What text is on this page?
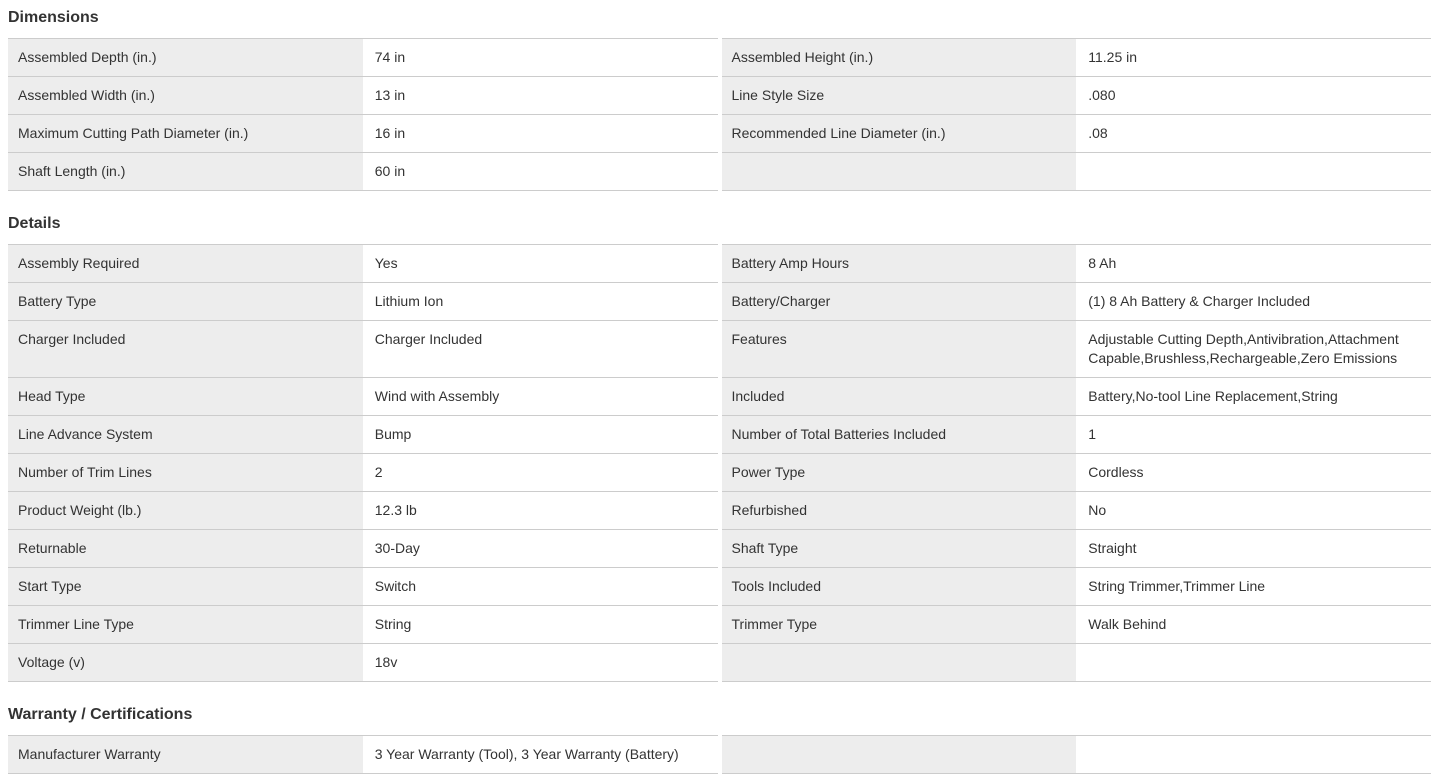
Dimensions
Assembled Depth (in.)	74 in	Assembled Height (in.)	11.25 in
Assembled Width (in.)	13 in	Line Style Size	.080
Maximum Cutting Path Diameter (in.)	16 in	Recommended Line Diameter (in.)	.08
Shaft Length (in.)	60 in
Details
Assembly Required	Yes	Battery Amp Hours	8 Ah
Battery Type	Lithium Ion	Battery/Charger	(1) 8 Ah Battery & Charger Included
Charger Included	Charger Included	Features	Adjustable Cutting Depth,Antivibration,Attachment Capable,Brushless,Rechargeable,Zero Emissions
Head Type	Wind with Assembly	Included	Battery,No-tool Line Replacement,String
Line Advance System	Bump	Number of Total Batteries Included	1
Number of Trim Lines	2	Power Type	Cordless
Product Weight (lb.)	12.3 lb	Refurbished	No
Returnable	30-Day	Shaft Type	Straight
Start Type	Switch	Tools Included	String Trimmer,Trimmer Line
Trimmer Line Type	String	Trimmer Type	Walk Behind
Voltage (v)	18v
Warranty / Certifications
Manufacturer Warranty	3 Year Warranty (Tool), 3 Year Warranty (Battery)
